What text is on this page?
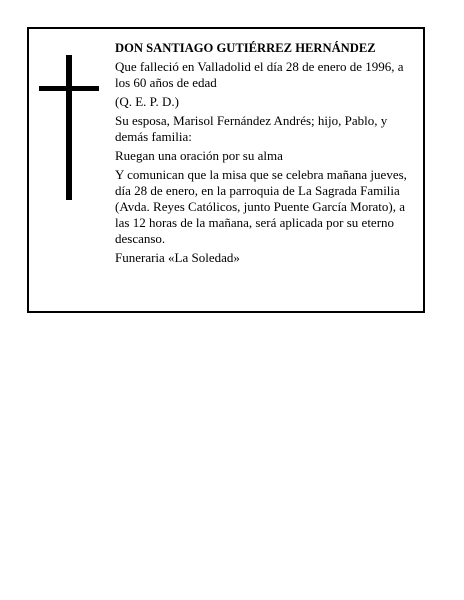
DON SANTIAGO GUTIÉRREZ HERNÁNDEZ

Que falleció en Valladolid el día 28 de enero de 1996, a los 60 años de edad

(Q. E. P. D.)

Su esposa, Marisol Fernández Andrés; hijo, Pablo, y demás familia:

Ruegan una oración por su alma

Y comunican que la misa que se celebra mañana jueves, día 28 de enero, en la parroquia de La Sagrada Familia (Avda. Reyes Católicos, junto Puente García Morato), a las 12 horas de la mañana, será aplicada por su eterno descanso.

Funeraria «La Soledad»
